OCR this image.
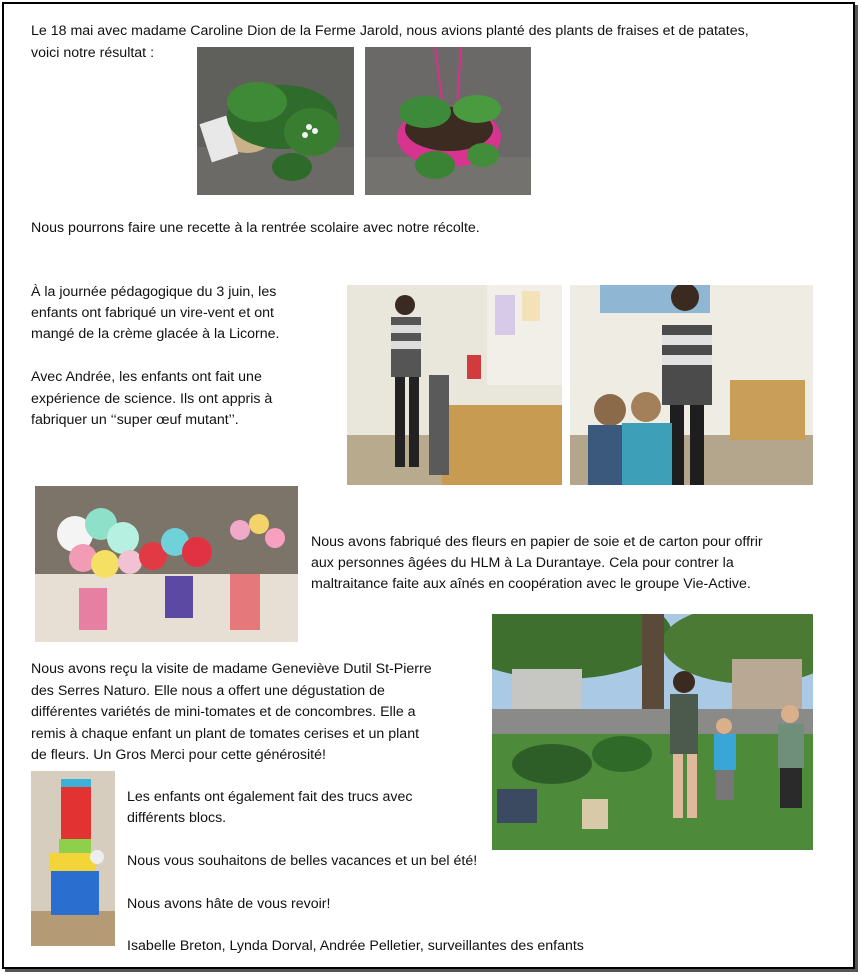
Le 18 mai avec madame Caroline Dion de la Ferme Jarold, nous avions planté des plants de fraises et de patates,
voici notre résultat :
Nous pourrons faire une recette à la rentrée scolaire avec notre récolte.
À la journée pédagogique du 3 juin, les
enfants ont fabriqué un vire-vent et ont
mangé de la crème glacée à la Licorne.
Avec Andrée, les enfants ont fait une
expérience de science. Ils ont appris à
fabriquer un ‘‘super œuf mutant’’.
Nous avons fabriqué des fleurs en papier de soie et de carton pour offrir
aux personnes âgées du HLM à La Durantaye. Cela pour contrer la
maltraitance faite aux aînés en coopération avec le groupe Vie-Active.
Nous avons reçu la visite de madame Geneviève Dutil St-Pierre
des Serres Naturo. Elle nous a offert une dégustation de
différentes variétés de mini-tomates et de concombres. Elle a
remis à chaque enfant un plant de tomates cerises et un plant
de fleurs. Un Gros Merci pour cette générosité!
Les enfants ont également fait des trucs avec
différents blocs.
Nous vous souhaitons de belles vacances et un bel été!
Nous avons hâte de vous revoir!
Isabelle Breton, Lynda Dorval, Andrée Pelletier, surveillantes des enfants
